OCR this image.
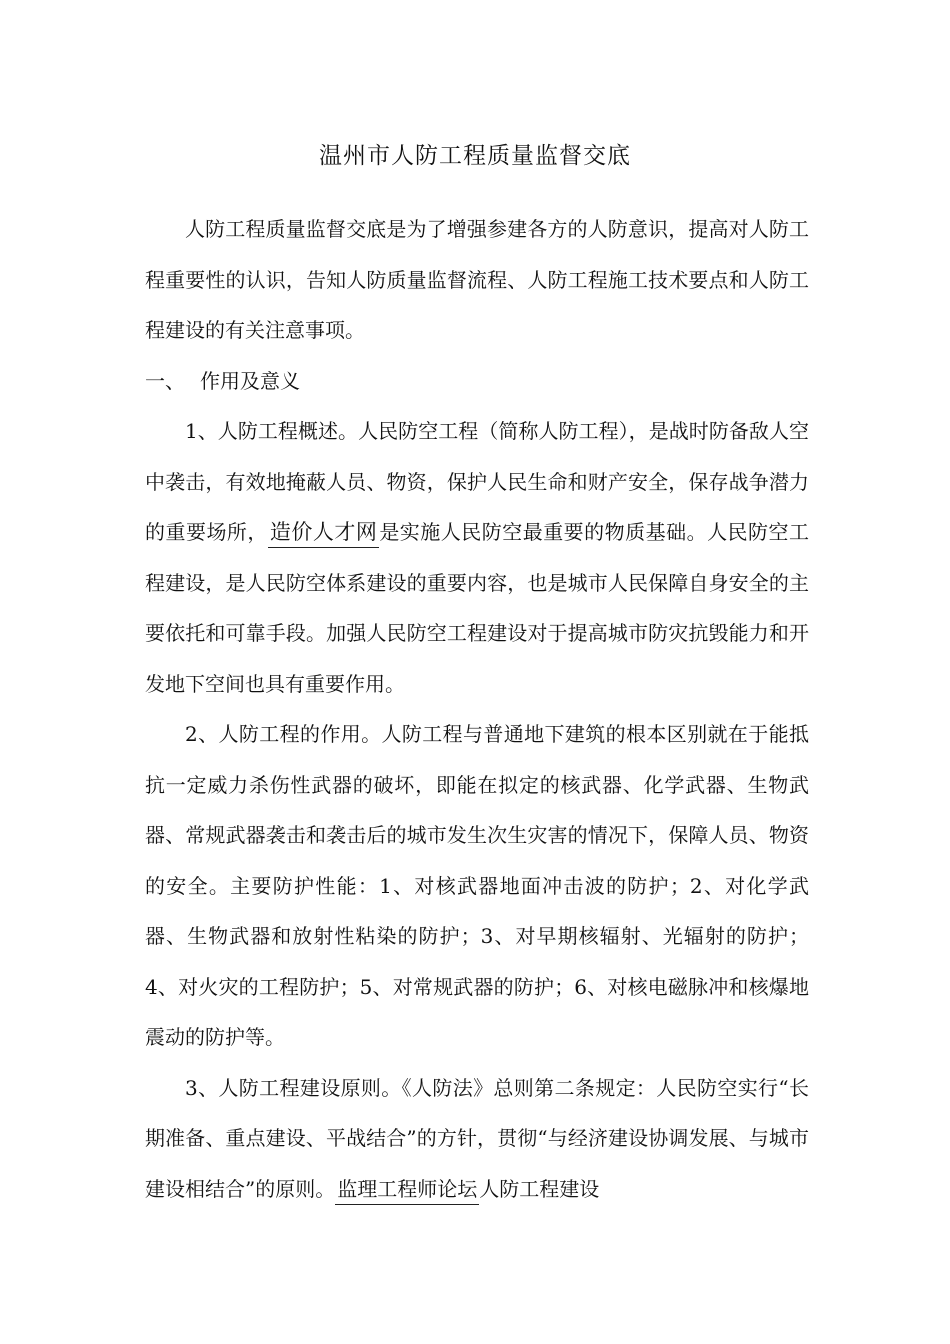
温州市人防工程质量监督交底

人防工程质量监督交底是为了增强参建各方的人防意识，提高对人防工程重要性的认识，告知人防质量监督流程、人防工程施工技术要点和人防工程建设的有关注意事项。

一、 作用及意义

1、人防工程概述。人民防空工程（简称人防工程），是战时防备敌人空中袭击，有效地掩蔽人员、物资，保护人民生命和财产安全，保存战争潜力的重要场所，造价人才网 是实施人民防空最重要的物质基础。人民防空工程建设，是人民防空体系建设的重要内容，也是城市人民保障自身安全的主要依托和可靠手段。加强人民防空工程建设对于提高城市防灾抗毁能力和开发地下空间也具有重要作用。

2、人防工程的作用。人防工程与普通地下建筑的根本区别就在于能抵抗一定威力杀伤性武器的破坏，即能在拟定的核武器、化学武器、生物武器、常规武器袭击和袭击后的城市发生次生灾害的情况下，保障人员、物资的安全。主要防护性能：1、对核武器地面冲击波的防护；2、对化学武器、生物武器和放射性粘染的防护；3、对早期核辐射、光辐射的防护；4、对火灾的工程防护；5、对常规武器的防护；6、对核电磁脉冲和核爆地震动的防护等。

3、人防工程建设原则。《人防法》总则第二条规定：人民防空实行“长期准备、重点建设、平战结合”的方针，贯彻“与经济建设协调发展、与城市建设相结合”的原则。 监理工程师论坛 人防工程建设
